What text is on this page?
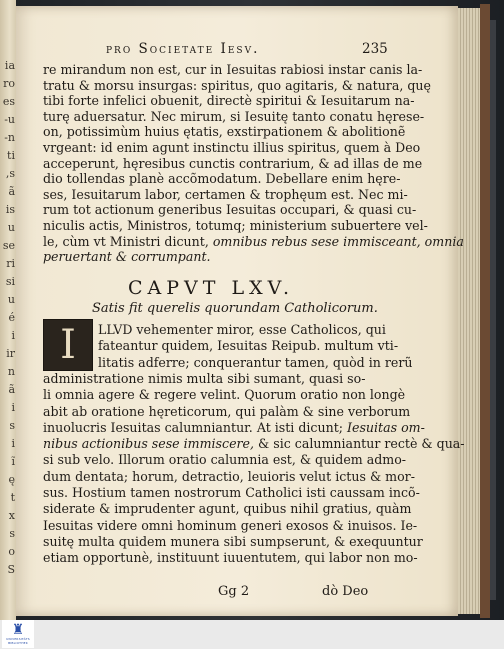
ia
ro
es
u-
n-
ti
s,
ã
is
u
se
ri
si
u
é
i
ir
n
ã
i
s
i
ĩ
ę
t
x
s
o
S
pro Societate Iesv.	235
re mirandum non est, cur in Iesuitas rabiosi instar canis la-
tratu & morsu insurgas: spiritus, quo agitaris, & natura, quę
tibi forte infelici obuenit, directè spiritui & Iesuitarum na-
turę aduersatur. Nec mirum, si Iesuitę tanto conatu hęrese-
on, potissimùm huius ętatis, exstirpationem & abolitionẽ
vrgeant: id enim agunt instinctu illius spiritus, quem à Deo
acceperunt, hęresibus cunctis contrarium, & ad illas de me
dio tollendas planè accõmodatum. Debellare enim hęre-
ses, Iesuitarum labor, certamen & trophęum est. Nec mi-
rum tot actionum generibus Iesuitas occupari, & quasi cu-
niculis actis, Ministros, totumq; ministerium subuertere vel-
le, cùm vt Ministri dicunt, omnibus rebus sese immisceant, omnia
peruertant & corrumpant.
CAPVT LXV.
Satis fit querelis quorundam Catholicorum.
I LLVD vehementer miror, esse Catholicos, qui
fateantur quidem, Iesuitas Reipub. multum vti-
litatis adferre; conquerantur tamen, quòd in rerũ
administratione nimis multa sibi sumant, quasi so-
li omnia agere & regere velint. Quorum oratio non longè
abit ab oratione hęreticorum, qui palàm & sine verborum
inuolucris Iesuitas calumniantur. At isti dicunt; Iesuitas om-
nibus actionibus sese immiscere, & sic calumniantur rectè & qua-
si sub velo. Illorum oratio calumnia est, & quidem admo-
dum dentata; horum, detractio, leuioris velut ictus & mor-
sus. Hostium tamen nostrorum Catholici isti caussam incõ-
siderate & imprudenter agunt, quibus nihil gratius, quàm
Iesuitas videre omni hominum generi exosos & inuisos. Ie-
suitę multa quidem munera sibi sumpserunt, & exequuntur
etiam opportunè, instituunt iuuentutem, qui labor non mo-
Gg 2	dò Deo
♜
UNIVERSITÄTS
BIBLIOTHEK
